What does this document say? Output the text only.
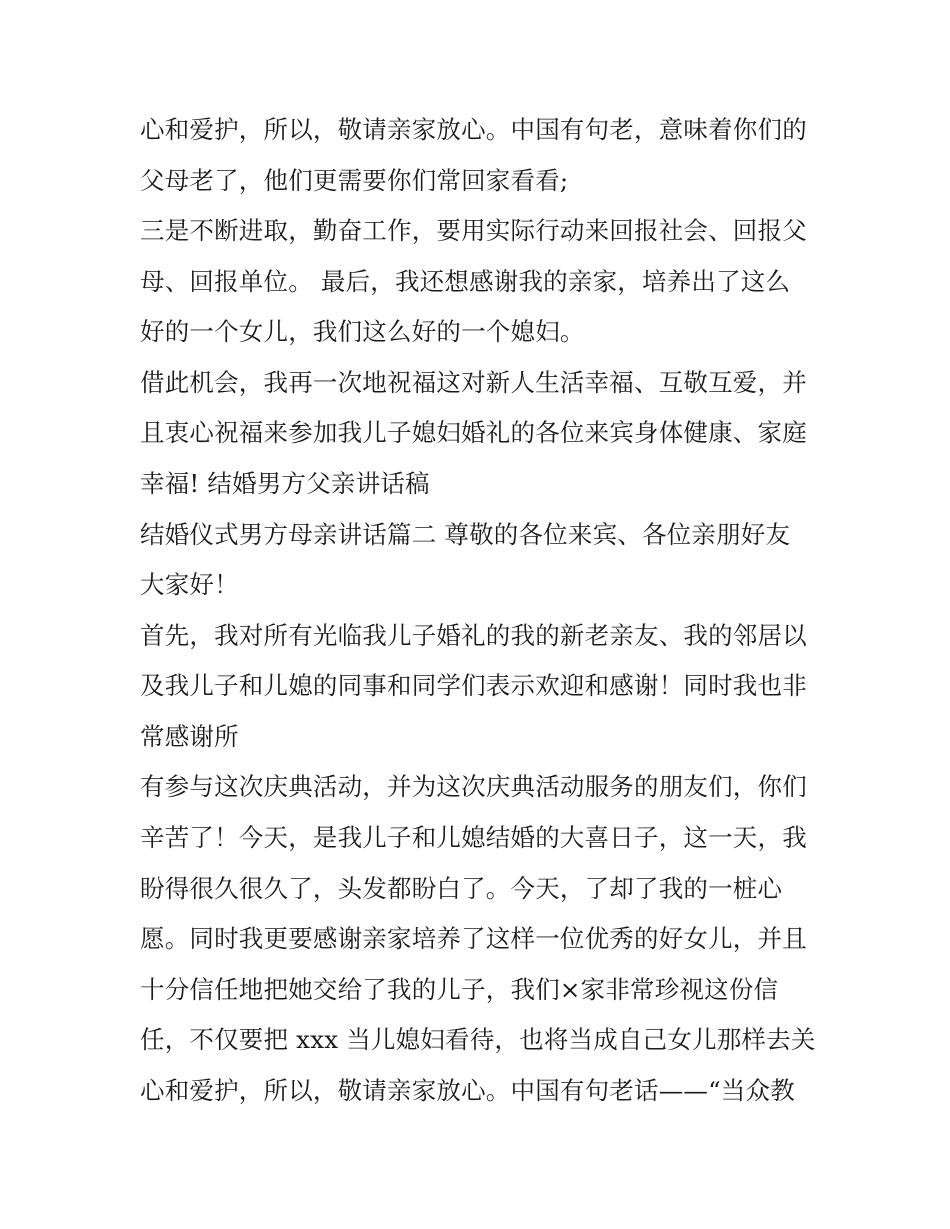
心和爱护，所以，敬请亲家放心。中国有句老，意味着你们的
父母老了，他们更需要你们常回家看看;
三是不断进取，勤奋工作，要用实际行动来回报社会、回报父
母、回报单位。 最后，我还想感谢我的亲家，培养出了这么
好的一个女儿，我们这么好的一个媳妇。
借此机会，我再一次地祝福这对新人生活幸福、互敬互爱，并
且衷心祝福来参加我儿子媳妇婚礼的各位来宾身体健康、家庭
幸福! 结婚男方父亲讲话稿
结婚仪式男方母亲讲话篇二 尊敬的各位来宾、各位亲朋好友
大家好！
首先，我对所有光临我儿子婚礼的我的新老亲友、我的邻居以
及我儿子和儿媳的同事和同学们表示欢迎和感谢！同时我也非
常感谢所
有参与这次庆典活动，并为这次庆典活动服务的朋友们，你们
辛苦了！今天，是我儿子和儿媳结婚的大喜日子，这一天，我
盼得很久很久了，头发都盼白了。今天，了却了我的一桩心
愿。同时我更要感谢亲家培养了这样一位优秀的好女儿，并且
十分信任地把她交给了我的儿子，我们×家非常珍视这份信
任，不仅要把 xxx 当儿媳妇看待，也将当成自己女儿那样去关
心和爱护，所以，敬请亲家放心。中国有句老话——“当众教
